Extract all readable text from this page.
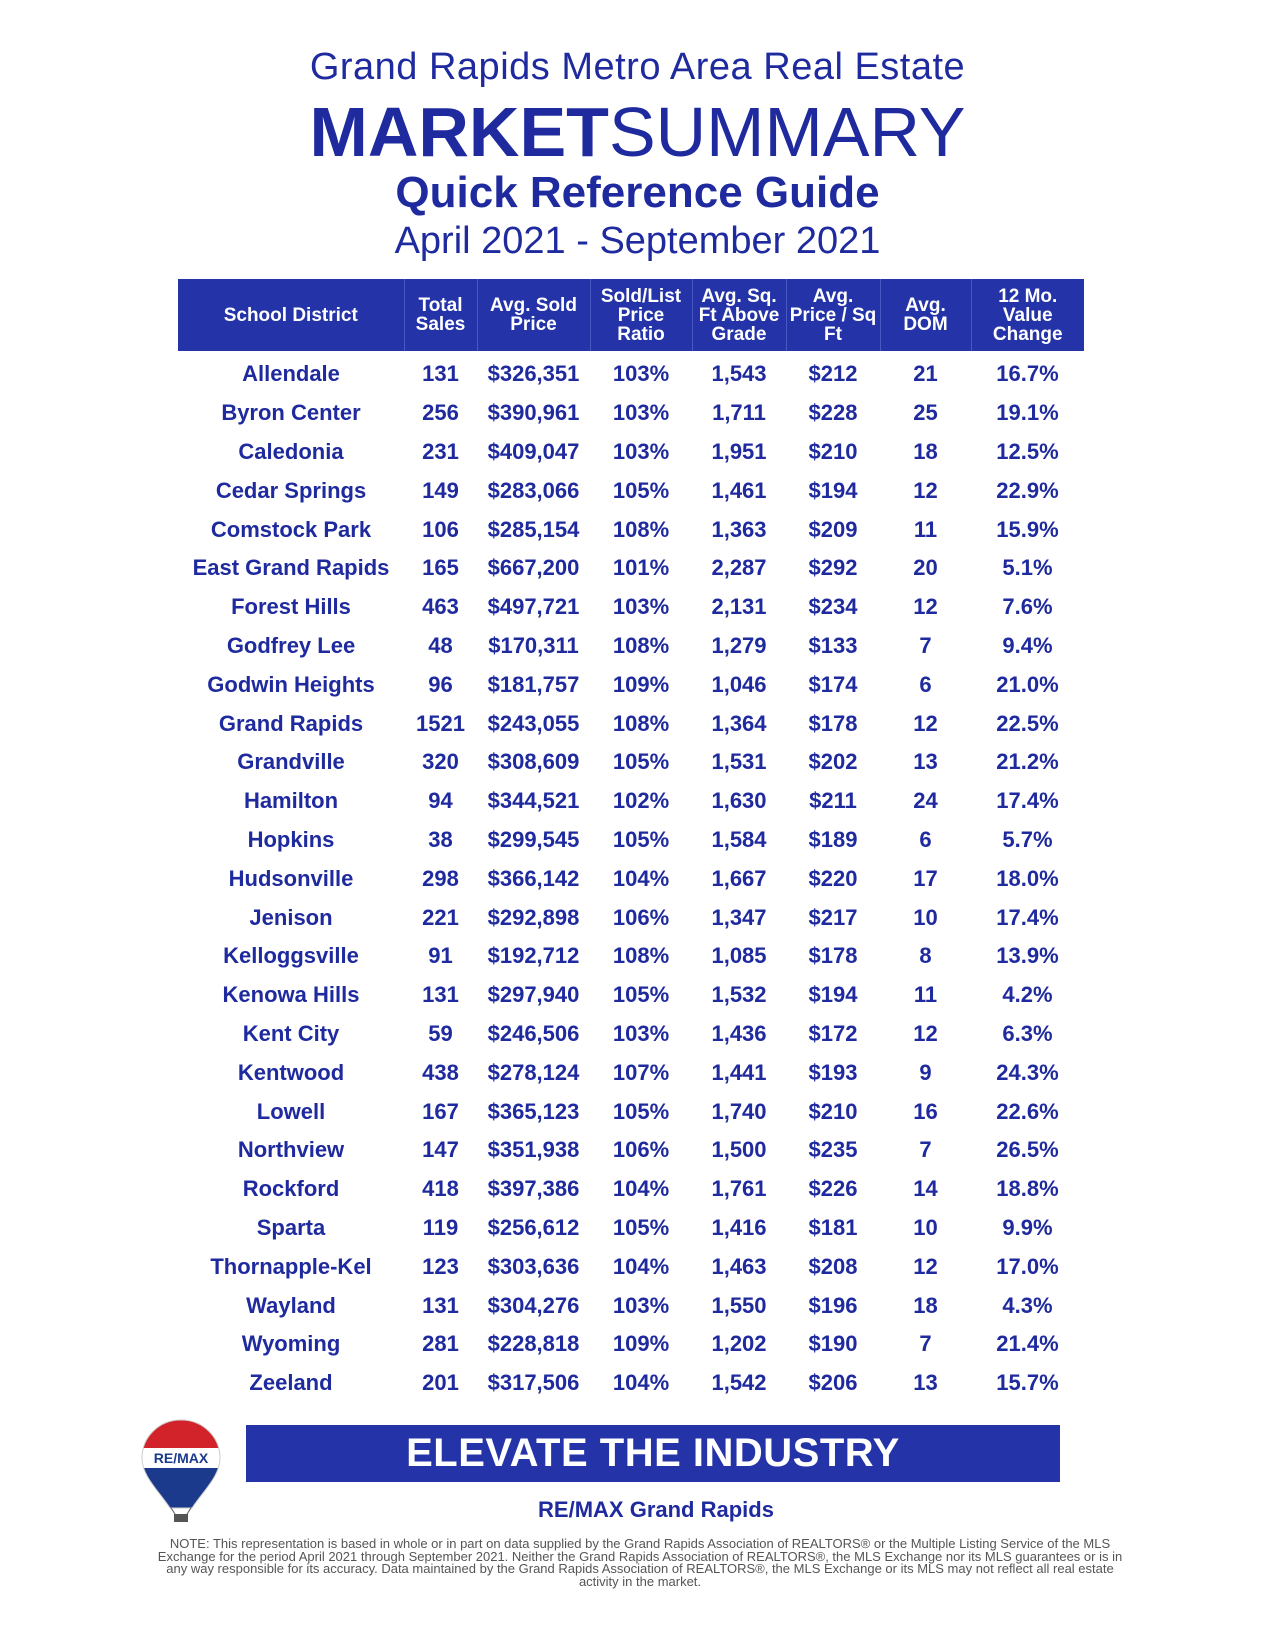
Grand Rapids Metro Area Real Estate
MARKETSUMMARY
Quick Reference Guide
April 2021 - September 2021
School District	Total Sales	Avg. Sold Price	Sold/List Price Ratio	Avg. Sq. Ft Above Grade	Avg. Price / Sq Ft	Avg. DOM	12 Mo. Value Change
Allendale	131	$326,351	103%	1,543	$212	21	16.7%
Byron Center	256	$390,961	103%	1,711	$228	25	19.1%
Caledonia	231	$409,047	103%	1,951	$210	18	12.5%
Cedar Springs	149	$283,066	105%	1,461	$194	12	22.9%
Comstock Park	106	$285,154	108%	1,363	$209	11	15.9%
East Grand Rapids	165	$667,200	101%	2,287	$292	20	5.1%
Forest Hills	463	$497,721	103%	2,131	$234	12	7.6%
Godfrey Lee	48	$170,311	108%	1,279	$133	7	9.4%
Godwin Heights	96	$181,757	109%	1,046	$174	6	21.0%
Grand Rapids	1521	$243,055	108%	1,364	$178	12	22.5%
Grandville	320	$308,609	105%	1,531	$202	13	21.2%
Hamilton	94	$344,521	102%	1,630	$211	24	17.4%
Hopkins	38	$299,545	105%	1,584	$189	6	5.7%
Hudsonville	298	$366,142	104%	1,667	$220	17	18.0%
Jenison	221	$292,898	106%	1,347	$217	10	17.4%
Kelloggsville	91	$192,712	108%	1,085	$178	8	13.9%
Kenowa Hills	131	$297,940	105%	1,532	$194	11	4.2%
Kent City	59	$246,506	103%	1,436	$172	12	6.3%
Kentwood	438	$278,124	107%	1,441	$193	9	24.3%
Lowell	167	$365,123	105%	1,740	$210	16	22.6%
Northview	147	$351,938	106%	1,500	$235	7	26.5%
Rockford	418	$397,386	104%	1,761	$226	14	18.8%
Sparta	119	$256,612	105%	1,416	$181	10	9.9%
Thornapple-Kel	123	$303,636	104%	1,463	$208	12	17.0%
Wayland	131	$304,276	103%	1,550	$196	18	4.3%
Wyoming	281	$228,818	109%	1,202	$190	7	21.4%
Zeeland	201	$317,506	104%	1,542	$206	13	15.7%
RE/MAX	ELEVATE THE INDUSTRY
RE/MAX Grand Rapids
NOTE: This representation is based in whole or in part on data supplied by the Grand Rapids Association of REALTORS® or the Multiple Listing Service of the MLS Exchange for the period April 2021 through September 2021. Neither the Grand Rapids Association of REALTORS®, the MLS Exchange nor its MLS guarantees or is in any way responsible for its accuracy. Data maintained by the Grand Rapids Association of REALTORS®, the MLS Exchange or its MLS may not reflect all real estate activity in the market.
